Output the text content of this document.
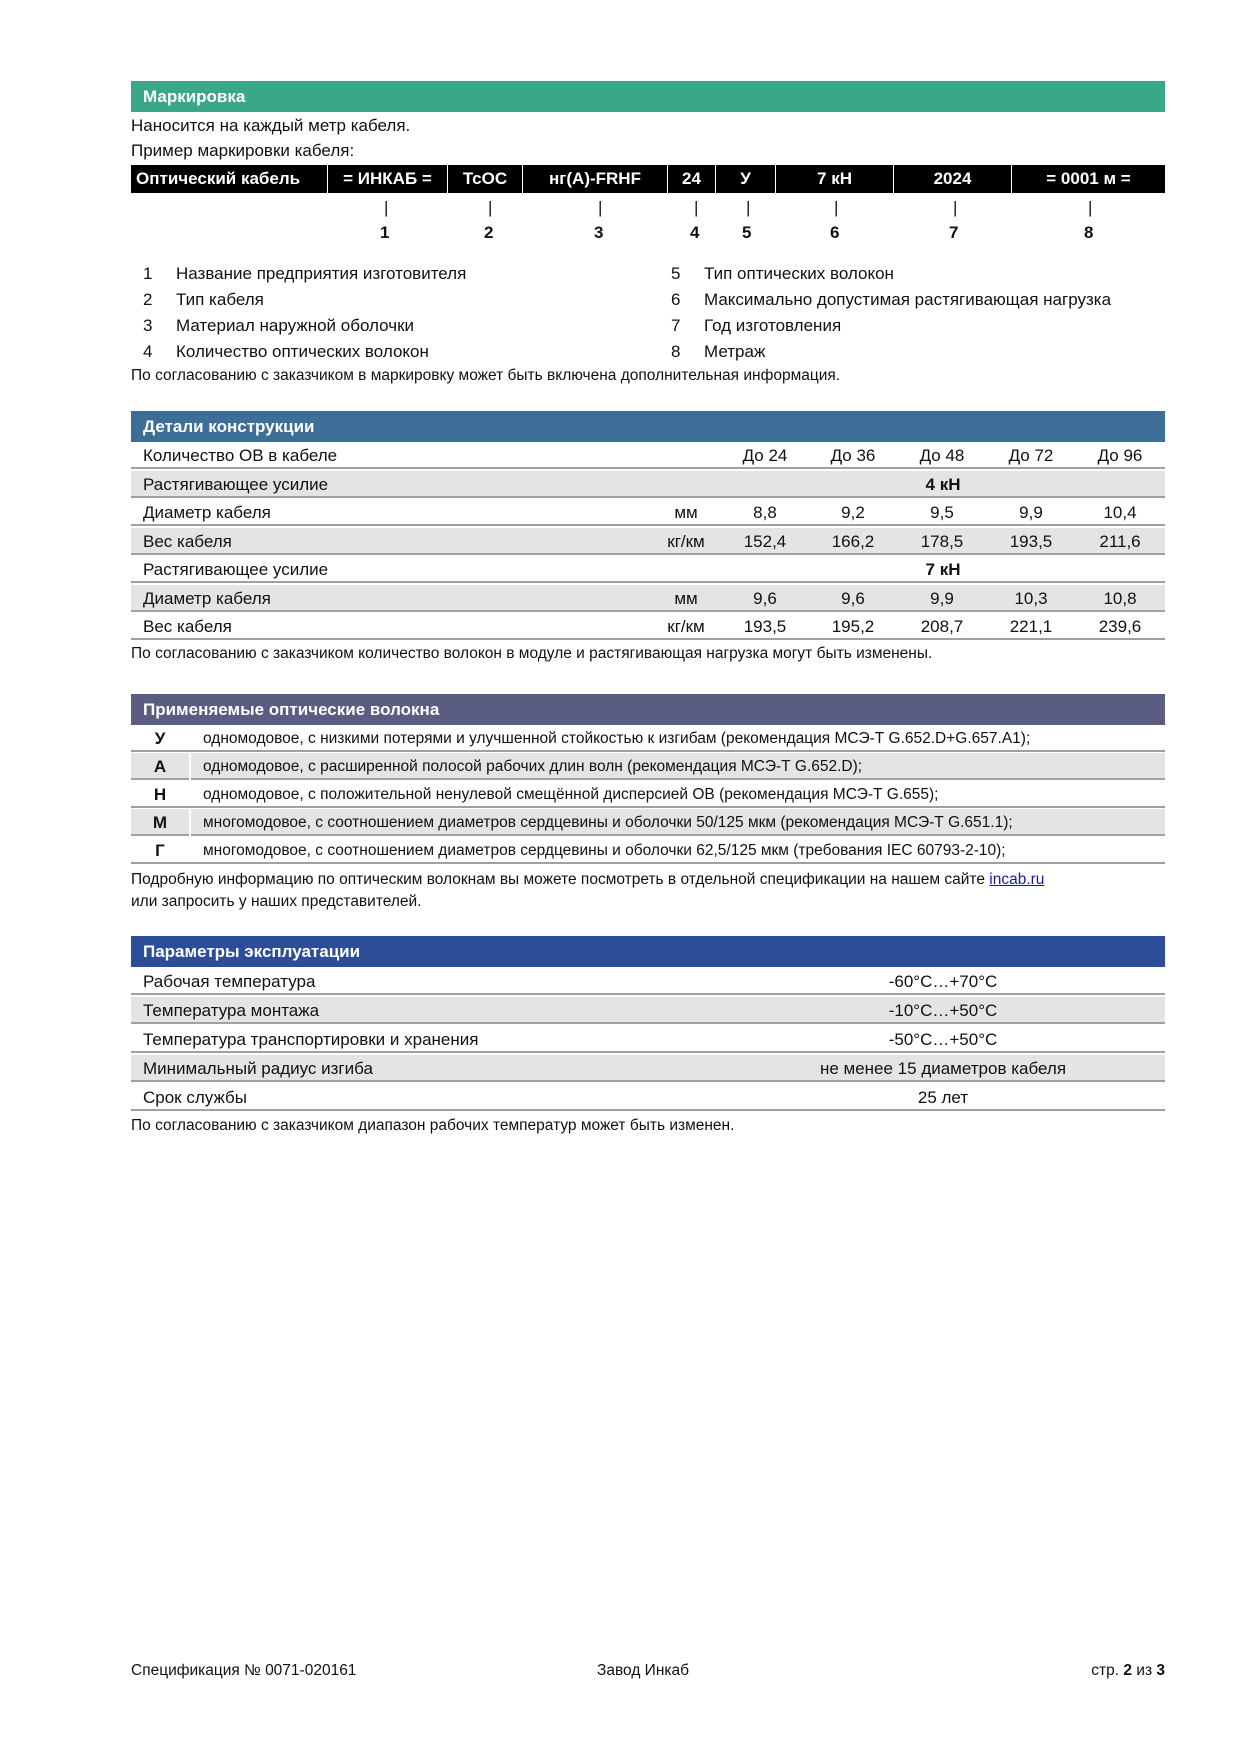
Маркировка
Наносится на каждый метр кабеля.
Пример маркировки кабеля:
Оптический кабель	= ИНКАБ =	ТсОС	нг(А)-FRHF	24	У	7 кН	2024	= 0001 м =
|	|	|	|	|	|	|	|
1	2	3	4	5	6	7	8
1 Название предприятия изготовителя
2 Тип кабеля
3 Материал наружной оболочки
4 Количество оптических волокон
5 Тип оптических волокон
6 Максимально допустимая растягивающая нагрузка
7 Год изготовления
8 Метраж
По согласованию с заказчиком в маркировку может быть включена дополнительная информация.
Детали конструкции
Количество ОВ в кабеле	До 24	До 36	До 48	До 72	До 96
Растягивающее усилие	4 кН
Диаметр кабеля	мм	8,8	9,2	9,5	9,9	10,4
Вес кабеля	кг/км	152,4	166,2	178,5	193,5	211,6
Растягивающее усилие	7 кН
Диаметр кабеля	мм	9,6	9,6	9,9	10,3	10,8
Вес кабеля	кг/км	193,5	195,2	208,7	221,1	239,6
По согласованию с заказчиком количество волокон в модуле и растягивающая нагрузка могут быть изменены.
Применяемые оптические волокна
У	одномодовое, с низкими потерями и улучшенной стойкостью к изгибам (рекомендация МСЭ-Т G.652.D+G.657.A1);
А	одномодовое, с расширенной полосой рабочих длин волн (рекомендация МСЭ-Т G.652.D);
Н	одномодовое, с положительной ненулевой смещённой дисперсией ОВ (рекомендация МСЭ-Т G.655);
М	многомодовое, с соотношением диаметров сердцевины и оболочки 50/125 мкм (рекомендация МСЭ-Т G.651.1);
Г	многомодовое, с соотношением диаметров сердцевины и оболочки 62,5/125 мкм (требования IEC 60793-2-10);
Подробную информацию по оптическим волокнам вы можете посмотреть в отдельной спецификации на нашем сайте incab.ru
или запросить у наших представителей.
Параметры эксплуатации
Рабочая температура	-60°C…+70°C
Температура монтажа	-10°C…+50°C
Температура транспортировки и хранения	-50°C…+50°C
Минимальный радиус изгиба	не менее 15 диаметров кабеля
Срок службы	25 лет
По согласованию с заказчиком диапазон рабочих температур может быть изменен.
Спецификация № 0071-020161	Завод Инкаб	стр. 2 из 3
